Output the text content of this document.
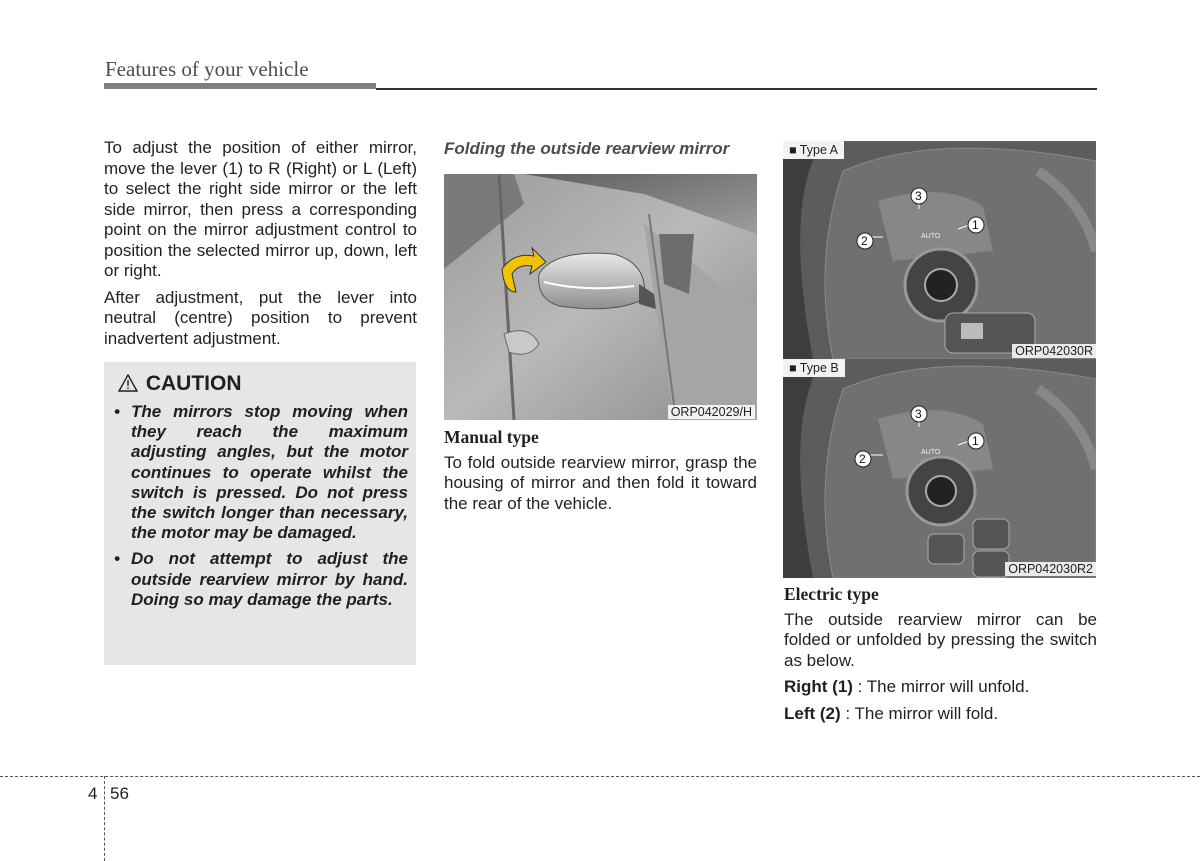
Features of your vehicle

To adjust the position of either mirror, move the lever (1) to R (Right) or L (Left) to select the right side mirror or the left side mirror, then press a corresponding point on the mirror adjustment control to position the selected mirror up, down, left or right.

After adjustment, put the lever into neutral (centre) position to prevent inadvertent adjustment.

CAUTION
• The mirrors stop moving when they reach the maximum adjusting angles, but the motor continues to operate whilst the switch is pressed. Do not press the switch longer than necessary, the motor may be damaged.
• Do not attempt to adjust the outside rearview mirror by hand. Doing so may damage the parts.
Folding the outside rearview mirror
ORP042029/H
Manual type

To fold outside rearview mirror, grasp the housing of mirror and then fold it toward the rear of the vehicle.

AUTO
1
2
3
■ Type A
ORP042030R
AUTO
1
2
3
■ Type B
ORP042030R2
Electric type

The outside rearview mirror can be folded or unfolded by pressing the switch as below.

Right (1) : The mirror will unfold.

Left (2) : The mirror will fold.

4 56
